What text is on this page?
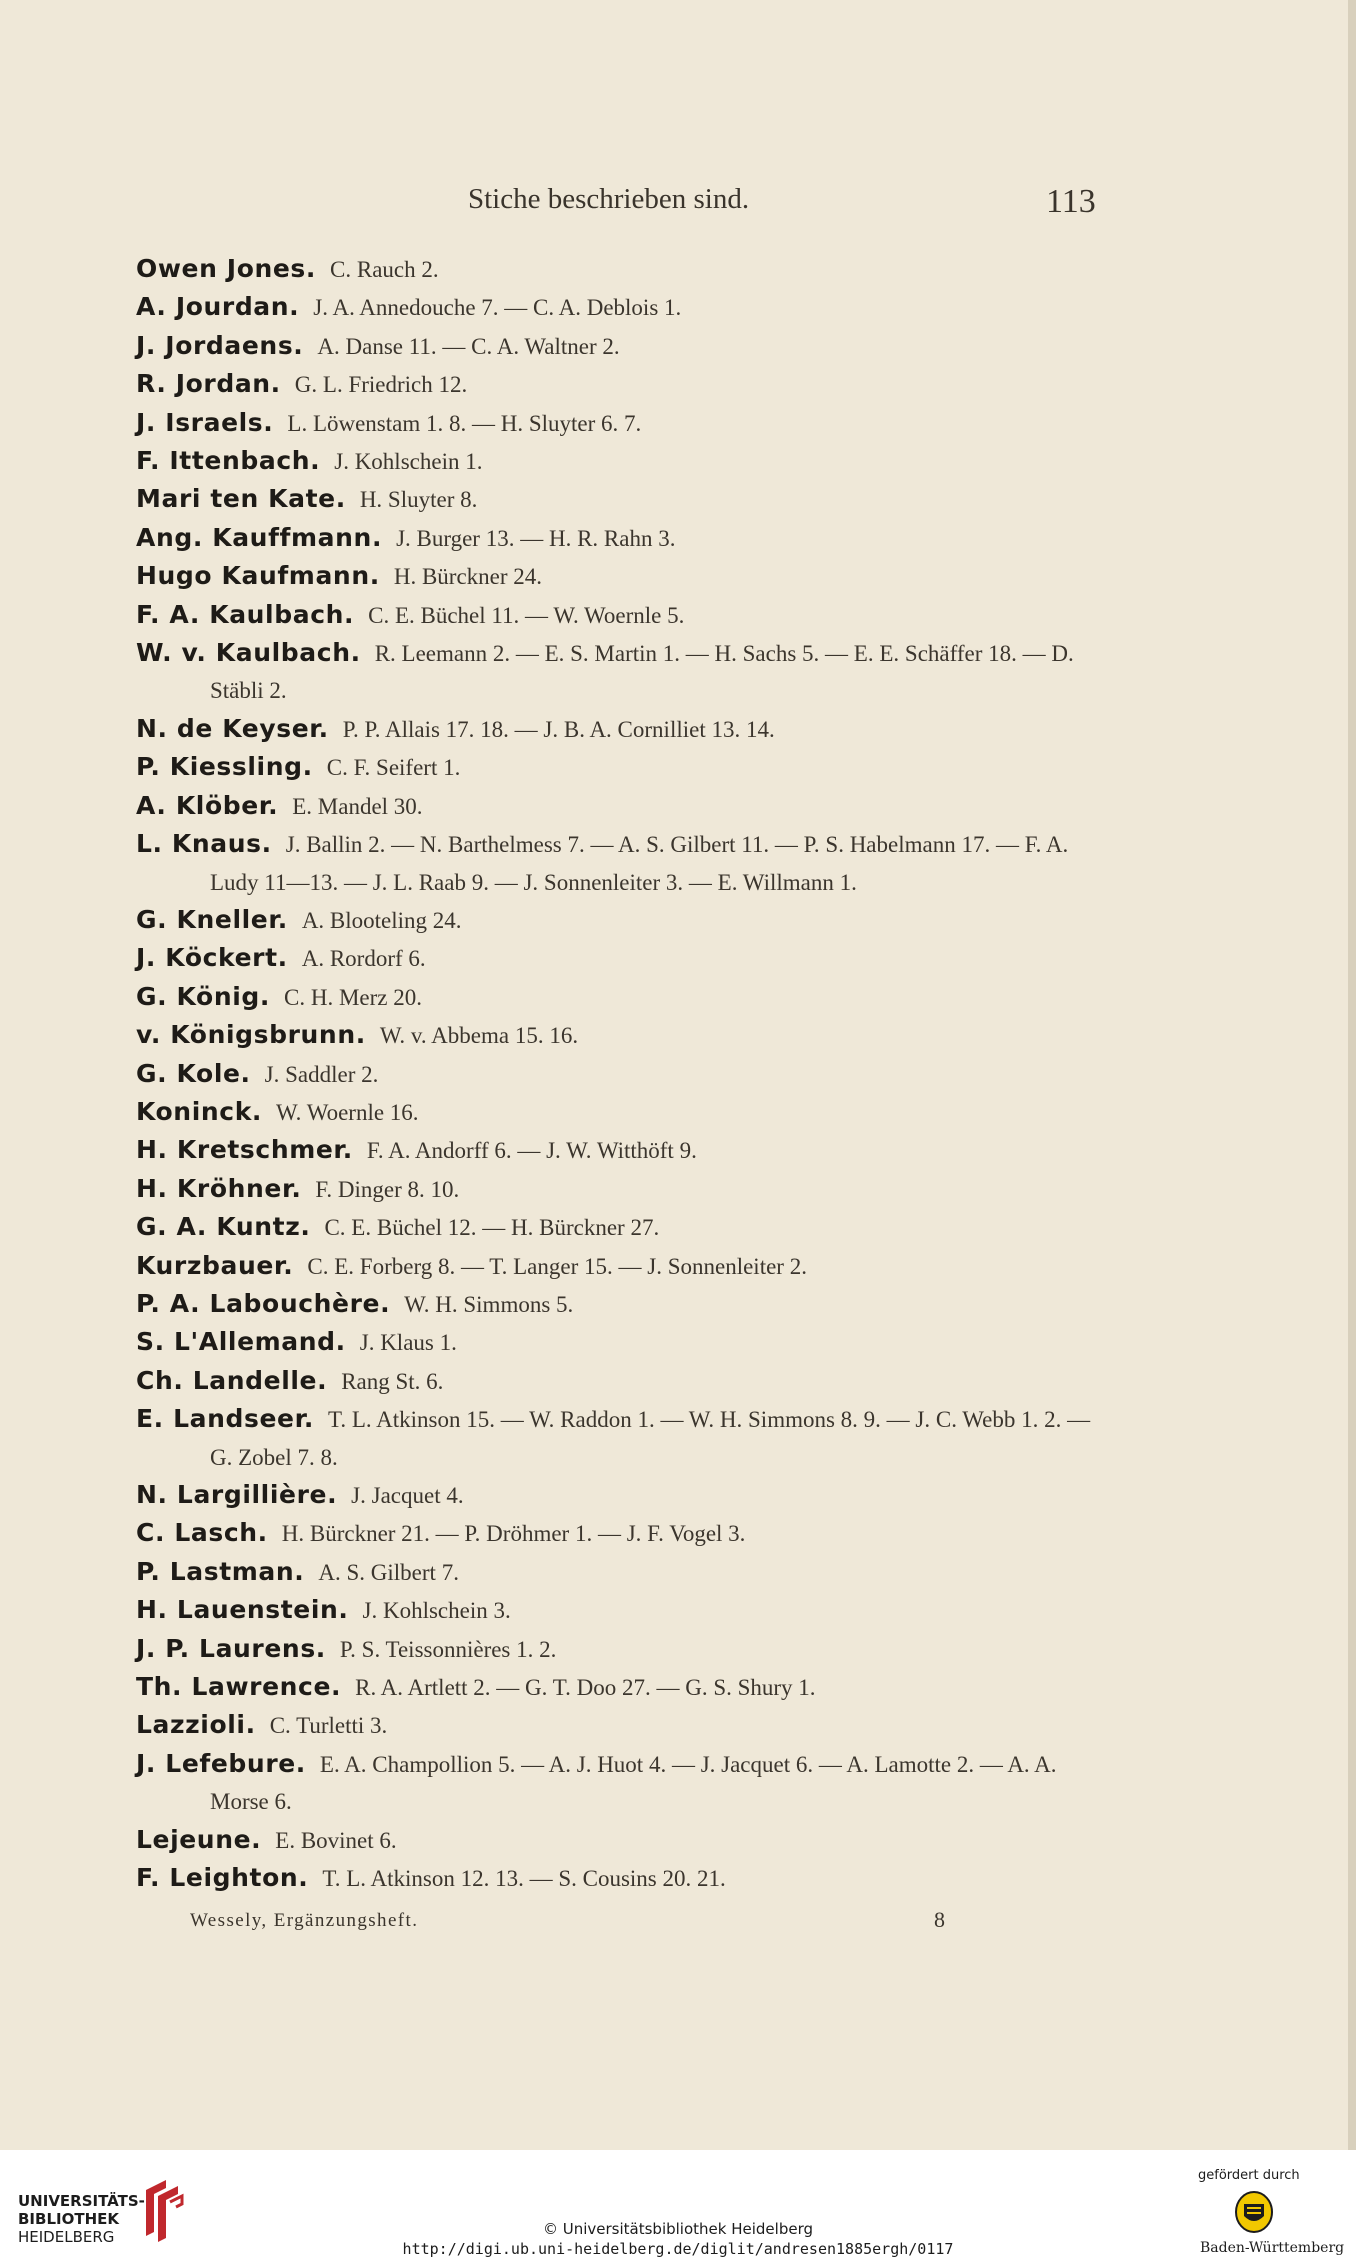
Stiche beschrieben sind.	113
Owen Jones. C. Rauch 2.
A. Jourdan. J. A. Annedouche 7. — C. A. Deblois 1.
J. Jordaens. A. Danse 11. — C. A. Waltner 2.
R. Jordan. G. L. Friedrich 12.
J. Israels. L. Löwenstam 1. 8. — H. Sluyter 6. 7.
F. Ittenbach. J. Kohlschein 1.
Mari ten Kate. H. Sluyter 8.
Ang. Kauffmann. J. Burger 13. — H. R. Rahn 3.
Hugo Kaufmann. H. Bürckner 24.
F. A. Kaulbach. C. E. Büchel 11. — W. Woernle 5.
W. v. Kaulbach. R. Leemann 2. — E. S. Martin 1. — H. Sachs 5. — E. E. Schäffer 18. — D. Stäbli 2.
N. de Keyser. P. P. Allais 17. 18. — J. B. A. Cornilliet 13. 14.
P. Kiessling. C. F. Seifert 1.
A. Klöber. E. Mandel 30.
L. Knaus. J. Ballin 2. — N. Barthelmess 7. — A. S. Gilbert 11. — P. S. Habelmann 17. — F. A. Ludy 11—13. — J. L. Raab 9. — J. Sonnenleiter 3. — E. Willmann 1.
G. Kneller. A. Blooteling 24.
J. Köckert. A. Rordorf 6.
G. König. C. H. Merz 20.
v. Königsbrunn. W. v. Abbema 15. 16.
G. Kole. J. Saddler 2.
Koninck. W. Woernle 16.
H. Kretschmer. F. A. Andorff 6. — J. W. Witthöft 9.
H. Kröhner. F. Dinger 8. 10.
G. A. Kuntz. C. E. Büchel 12. — H. Bürckner 27.
Kurzbauer. C. E. Forberg 8. — T. Langer 15. — J. Sonnenleiter 2.
P. A. Labouchère. W. H. Simmons 5.
S. L'Allemand. J. Klaus 1.
Ch. Landelle. Rang St. 6.
E. Landseer. T. L. Atkinson 15. — W. Raddon 1. — W. H. Simmons 8. 9. — J. C. Webb 1. 2. — G. Zobel 7. 8.
N. Largillière. J. Jacquet 4.
C. Lasch. H. Bürckner 21. — P. Dröhmer 1. — J. F. Vogel 3.
P. Lastman. A. S. Gilbert 7.
H. Lauenstein. J. Kohlschein 3.
J. P. Laurens. P. S. Teissonnières 1. 2.
Th. Lawrence. R. A. Artlett 2. — G. T. Doo 27. — G. S. Shury 1.
Lazzioli. C. Turletti 3.
J. Lefebure. E. A. Champollion 5. — A. J. Huot 4. — J. Jacquet 6. — A. Lamotte 2. — A. A. Morse 6.
Lejeune. E. Bovinet 6.
F. Leighton. T. L. Atkinson 12. 13. — S. Cousins 20. 21.
Wessely, Ergänzungsheft.	8
UNIVERSITÄTS-
BIBLIOTHEK
HEIDELBERG	© Universitätsbibliothek Heidelberg
http://digi.ub.uni-heidelberg.de/diglit/andresen1885ergh/0117
gefördert durch
Baden-Württemberg
